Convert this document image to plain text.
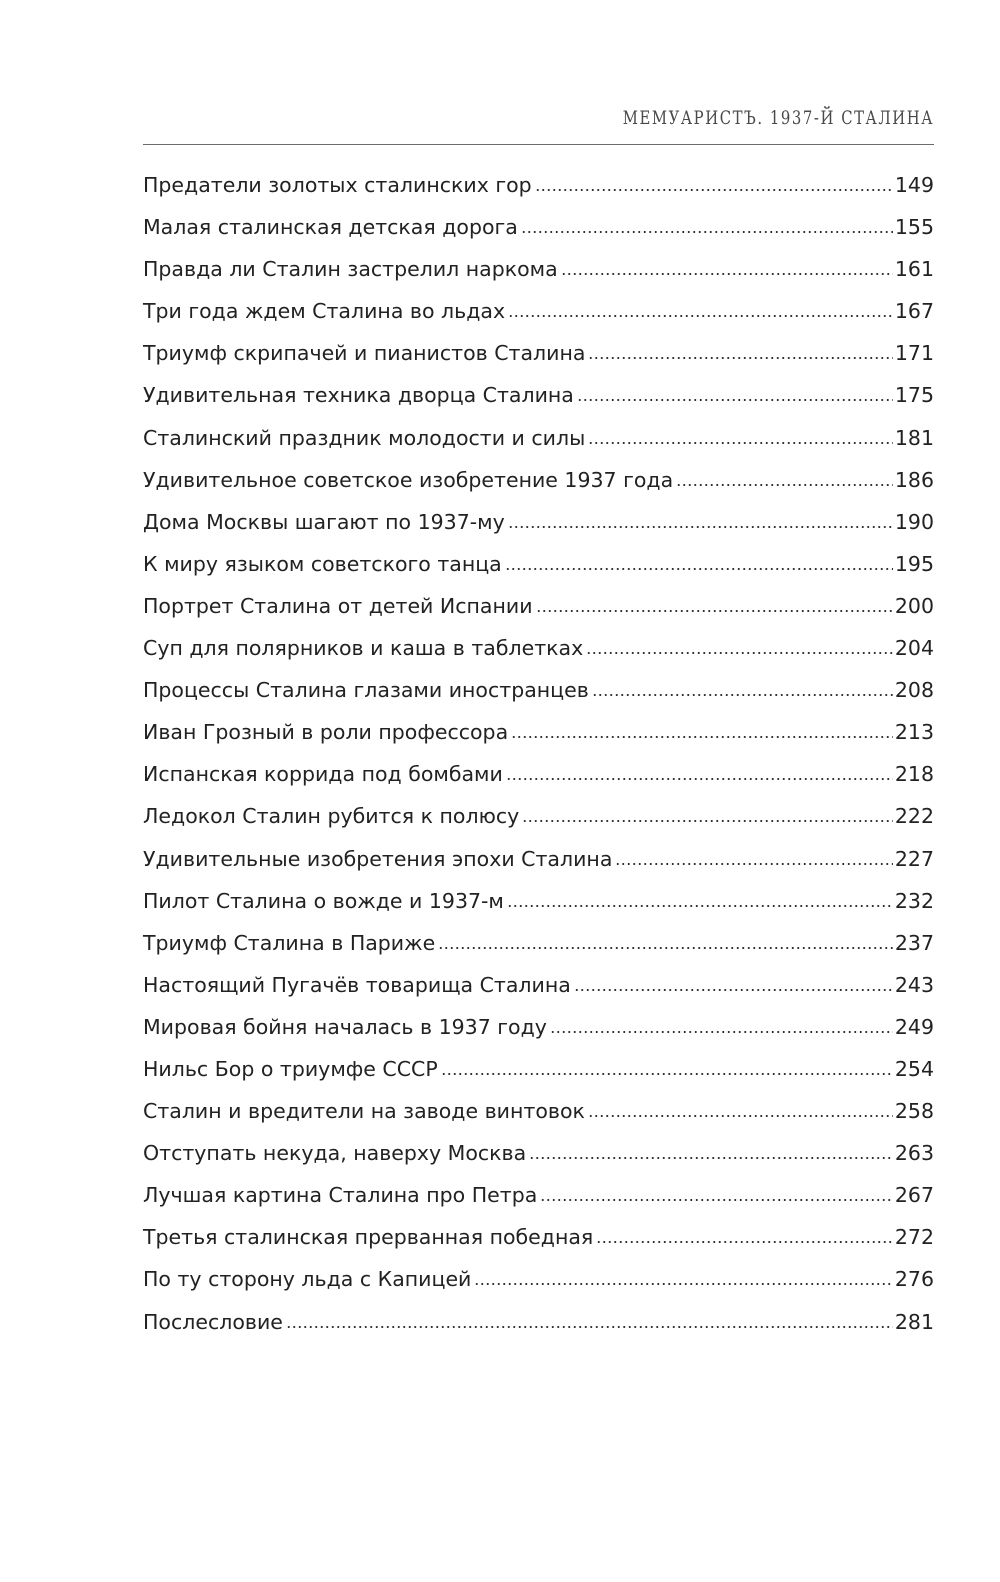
МЕМУАРИСТЪ. 1937-Й СТАЛИНА
Предатели золотых сталинских гор	149
Малая сталинская детская дорога	155
Правда ли Сталин застрелил наркома	161
Три года ждем Сталина во льдах	167
Триумф скрипачей и пианистов Сталина	171
Удивительная техника дворца Сталина	175
Сталинский праздник молодости и силы	181
Удивительное советское изобретение 1937 года	186
Дома Москвы шагают по 1937-му	190
К миру языком советского танца	195
Портрет Сталина от детей Испании	200
Суп для полярников и каша в таблетках	204
Процессы Сталина глазами иностранцев	208
Иван Грозный в роли профессора	213
Испанская коррида под бомбами	218
Ледокол Сталин рубится к полюсу	222
Удивительные изобретения эпохи Сталина	227
Пилот Сталина о вожде и 1937-м	232
Триумф Сталина в Париже	237
Настоящий Пугачёв товарища Сталина	243
Мировая бойня началась в 1937 году	249
Нильс Бор о триумфе СССР	254
Сталин и вредители на заводе винтовок	258
Отступать некуда, наверху Москва	263
Лучшая картина Сталина про Петра	267
Третья сталинская прерванная победная	272
По ту сторону льда с Капицей	276
Послесловие	281
